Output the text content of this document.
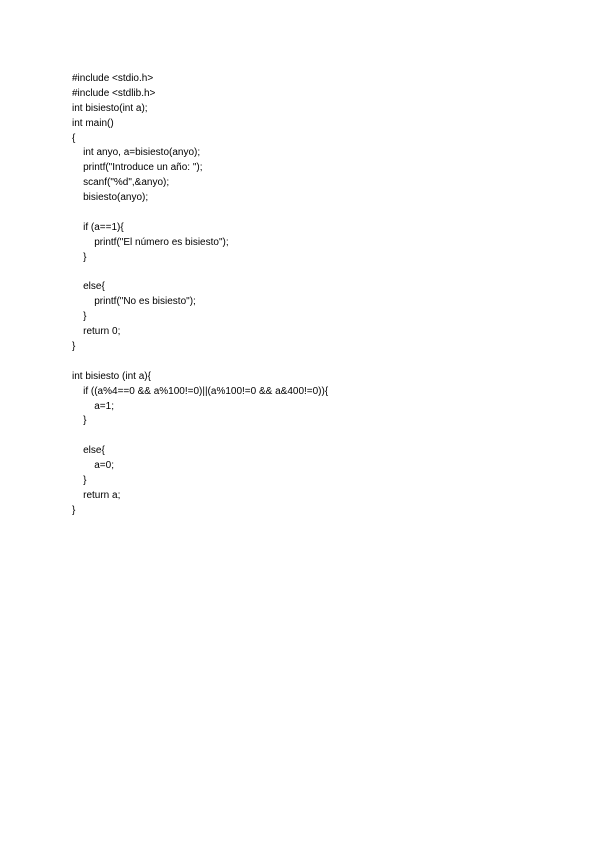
#include <stdio.h>
#include <stdlib.h>
int bisiesto(int a);
int main()
{
int anyo, a=bisiesto(anyo);
printf("Introduce un año: ");
scanf("%d",&anyo);
bisiesto(anyo);
if (a==1){
printf("El número es bisiesto");
}
else{
printf("No es bisiesto");
}
return 0;
}
int bisiesto (int a){
if ((a%4==0 && a%100!=0)||(a%100!=0 && a&400!=0)){
a=1;
}
else{
a=0;
}
return a;
}
